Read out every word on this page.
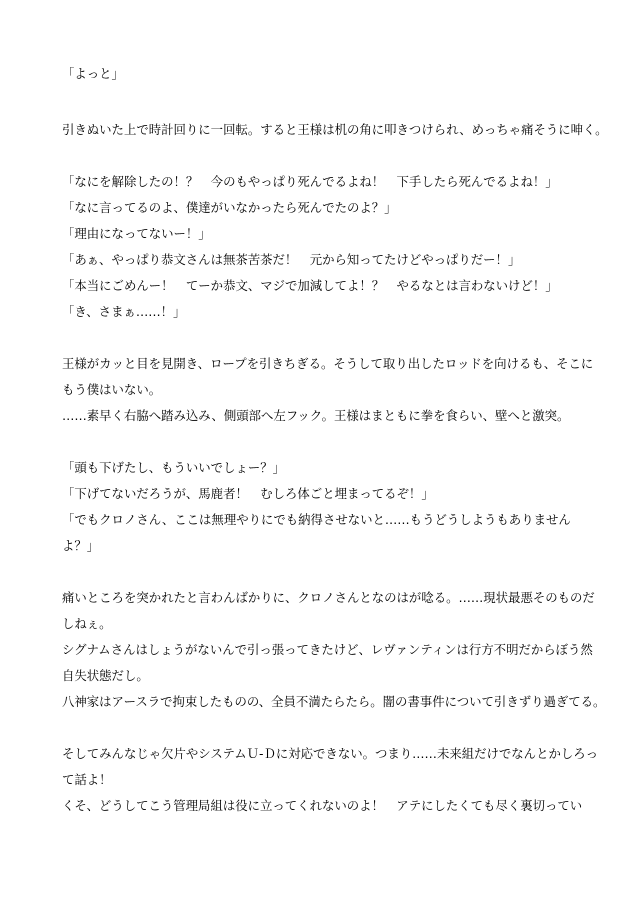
「よっと」
引きぬいた上で時計回りに一回転。すると王様は机の角に叩きつけられ、めっちゃ痛そうに呻く。
「なにを解除したの！？　今のもやっぱり死んでるよね！　下手したら死んでるよね！」
「なに言ってるのよ、僕達がいなかったら死んでたのよ？」
「理由になってないー！」
「あぁ、やっぱり恭文さんは無茶苦茶だ！　元から知ってたけどやっぱりだー！」
「本当にごめんー！　てーか恭文、マジで加減してよ！？　やるなとは言わないけど！」
「き、さまぁ……！」
王様がカッと目を見開き、ロープを引きちぎる。そうして取り出したロッドを向けるも、そこに
もう僕はいない。
……素早く右脇へ踏み込み、側頭部へ左フック。王様はまともに拳を食らい、壁へと激突。
「頭も下げたし、もういいでしょー？」
「下げてないだろうが、馬鹿者！　むしろ体ごと埋まってるぞ！」
「でもクロノさん、ここは無理やりにでも納得させないと……もうどうしようもありません
よ？」
痛いところを突かれたと言わんばかりに、クロノさんとなのはが唸る。……現状最悪そのものだ
しねぇ。
シグナムさんはしょうがないんで引っ張ってきたけど、レヴァンティンは行方不明だからぼう然
自失状態だし。
八神家はアースラで拘束したものの、全員不満たらたら。闇の書事件について引きずり過ぎてる。
そしてみんなじゃ欠片やシステムＵ-Ｄに対応できない。つまり……未来組だけでなんとかしろっ
て話よ！
くそ、どうしてこう管理局組は役に立ってくれないのよ！　アテにしたくても尽く裏切ってい
